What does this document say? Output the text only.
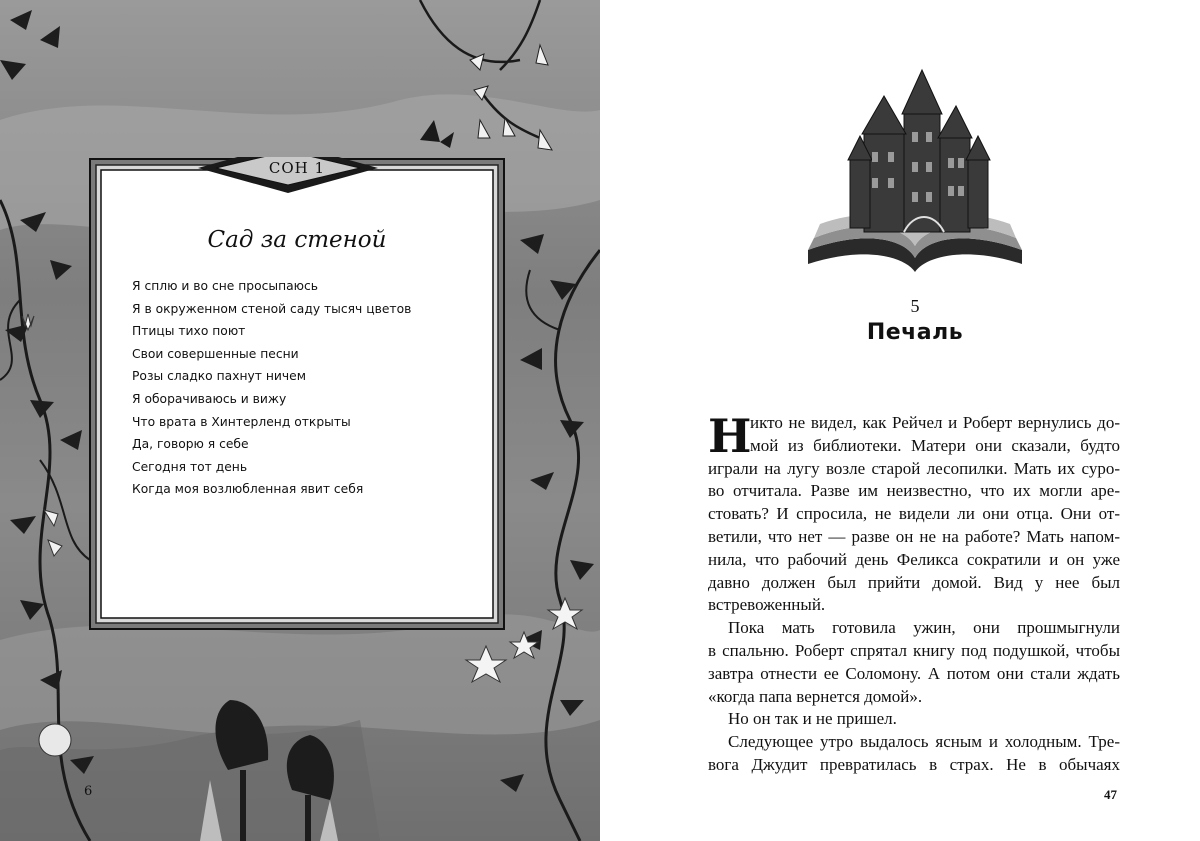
СОН 1
Сад за стеной
Я сплю и во сне просыпаюсь
Я в окруженном стеной саду тысяч цветов
Птицы тихо поют
Свои совершенные песни
Розы сладко пахнут ничем
Я оборачиваюсь и вижу
Что врата в Хинтерленд открыты
Да, говорю я себе
Сегодня тот день
Когда моя возлюбленная явит себя
6
5
Печаль
Н
икто не видел, как Рейчел и Роберт вернулись до-
мой из библиотеки. Матери они сказали, будто
играли на лугу возле старой лесопилки. Мать их суро-
во отчитала. Разве им неизвестно, что их могли аре-
стовать? И спросила, не видели ли они отца. Они от-
ветили, что нет — разве он не на работе? Мать напом-
нила, что рабочий день Феликса сократили и он уже
давно должен был прийти домой. Вид у нее был
встревоженный.
Пока мать готовила ужин, они прошмыгнули
в спальню. Роберт спрятал книгу под подушкой, чтобы
завтра отнести ее Соломону. А потом они стали ждать
«когда папа вернется домой».
Но он так и не пришел.
Следующее утро выдалось ясным и холодным. Тре-
вога Джудит превратилась в страх. Не в обычаях
47
